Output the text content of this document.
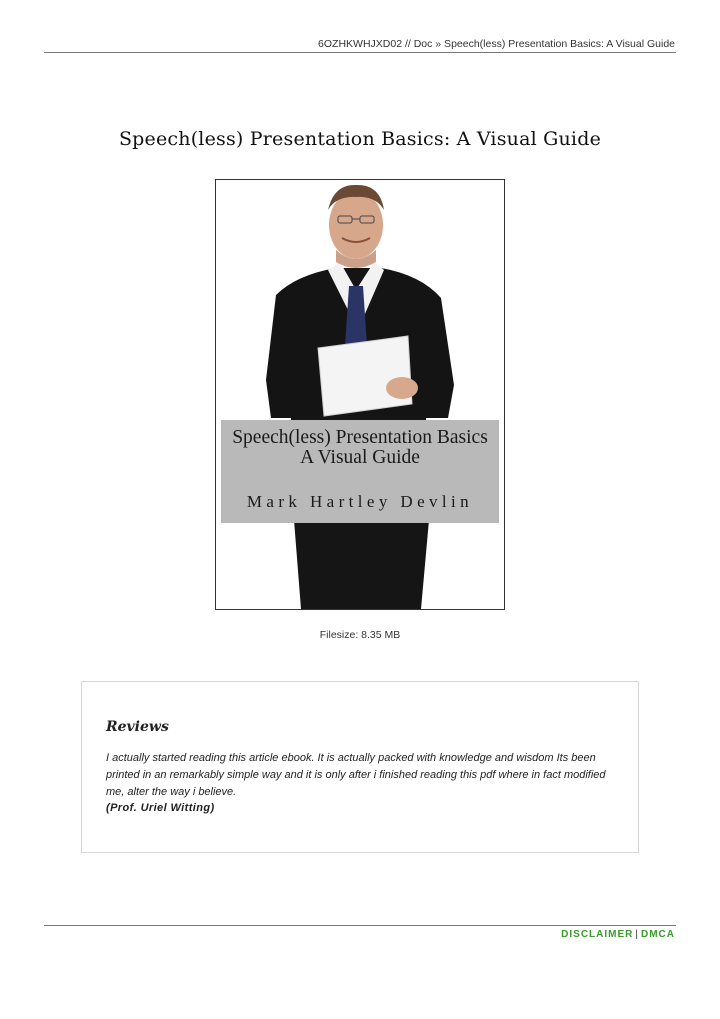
6OZHKWHJXD02 // Doc » Speech(less) Presentation Basics: A Visual Guide
Speech(less) Presentation Basics: A Visual Guide
Speech(less) Presentation Basics
A Visual Guide
Mark Hartley Devlin
Filesize: 8.35 MB
Reviews
I actually started reading this article ebook. It is actually packed with knowledge and wisdom Its been printed in an remarkably simple way and it is only after i finished reading this pdf where in fact modified me, alter the way i believe.
(Prof. Uriel Witting)
DISCLAIMER | DMCA
